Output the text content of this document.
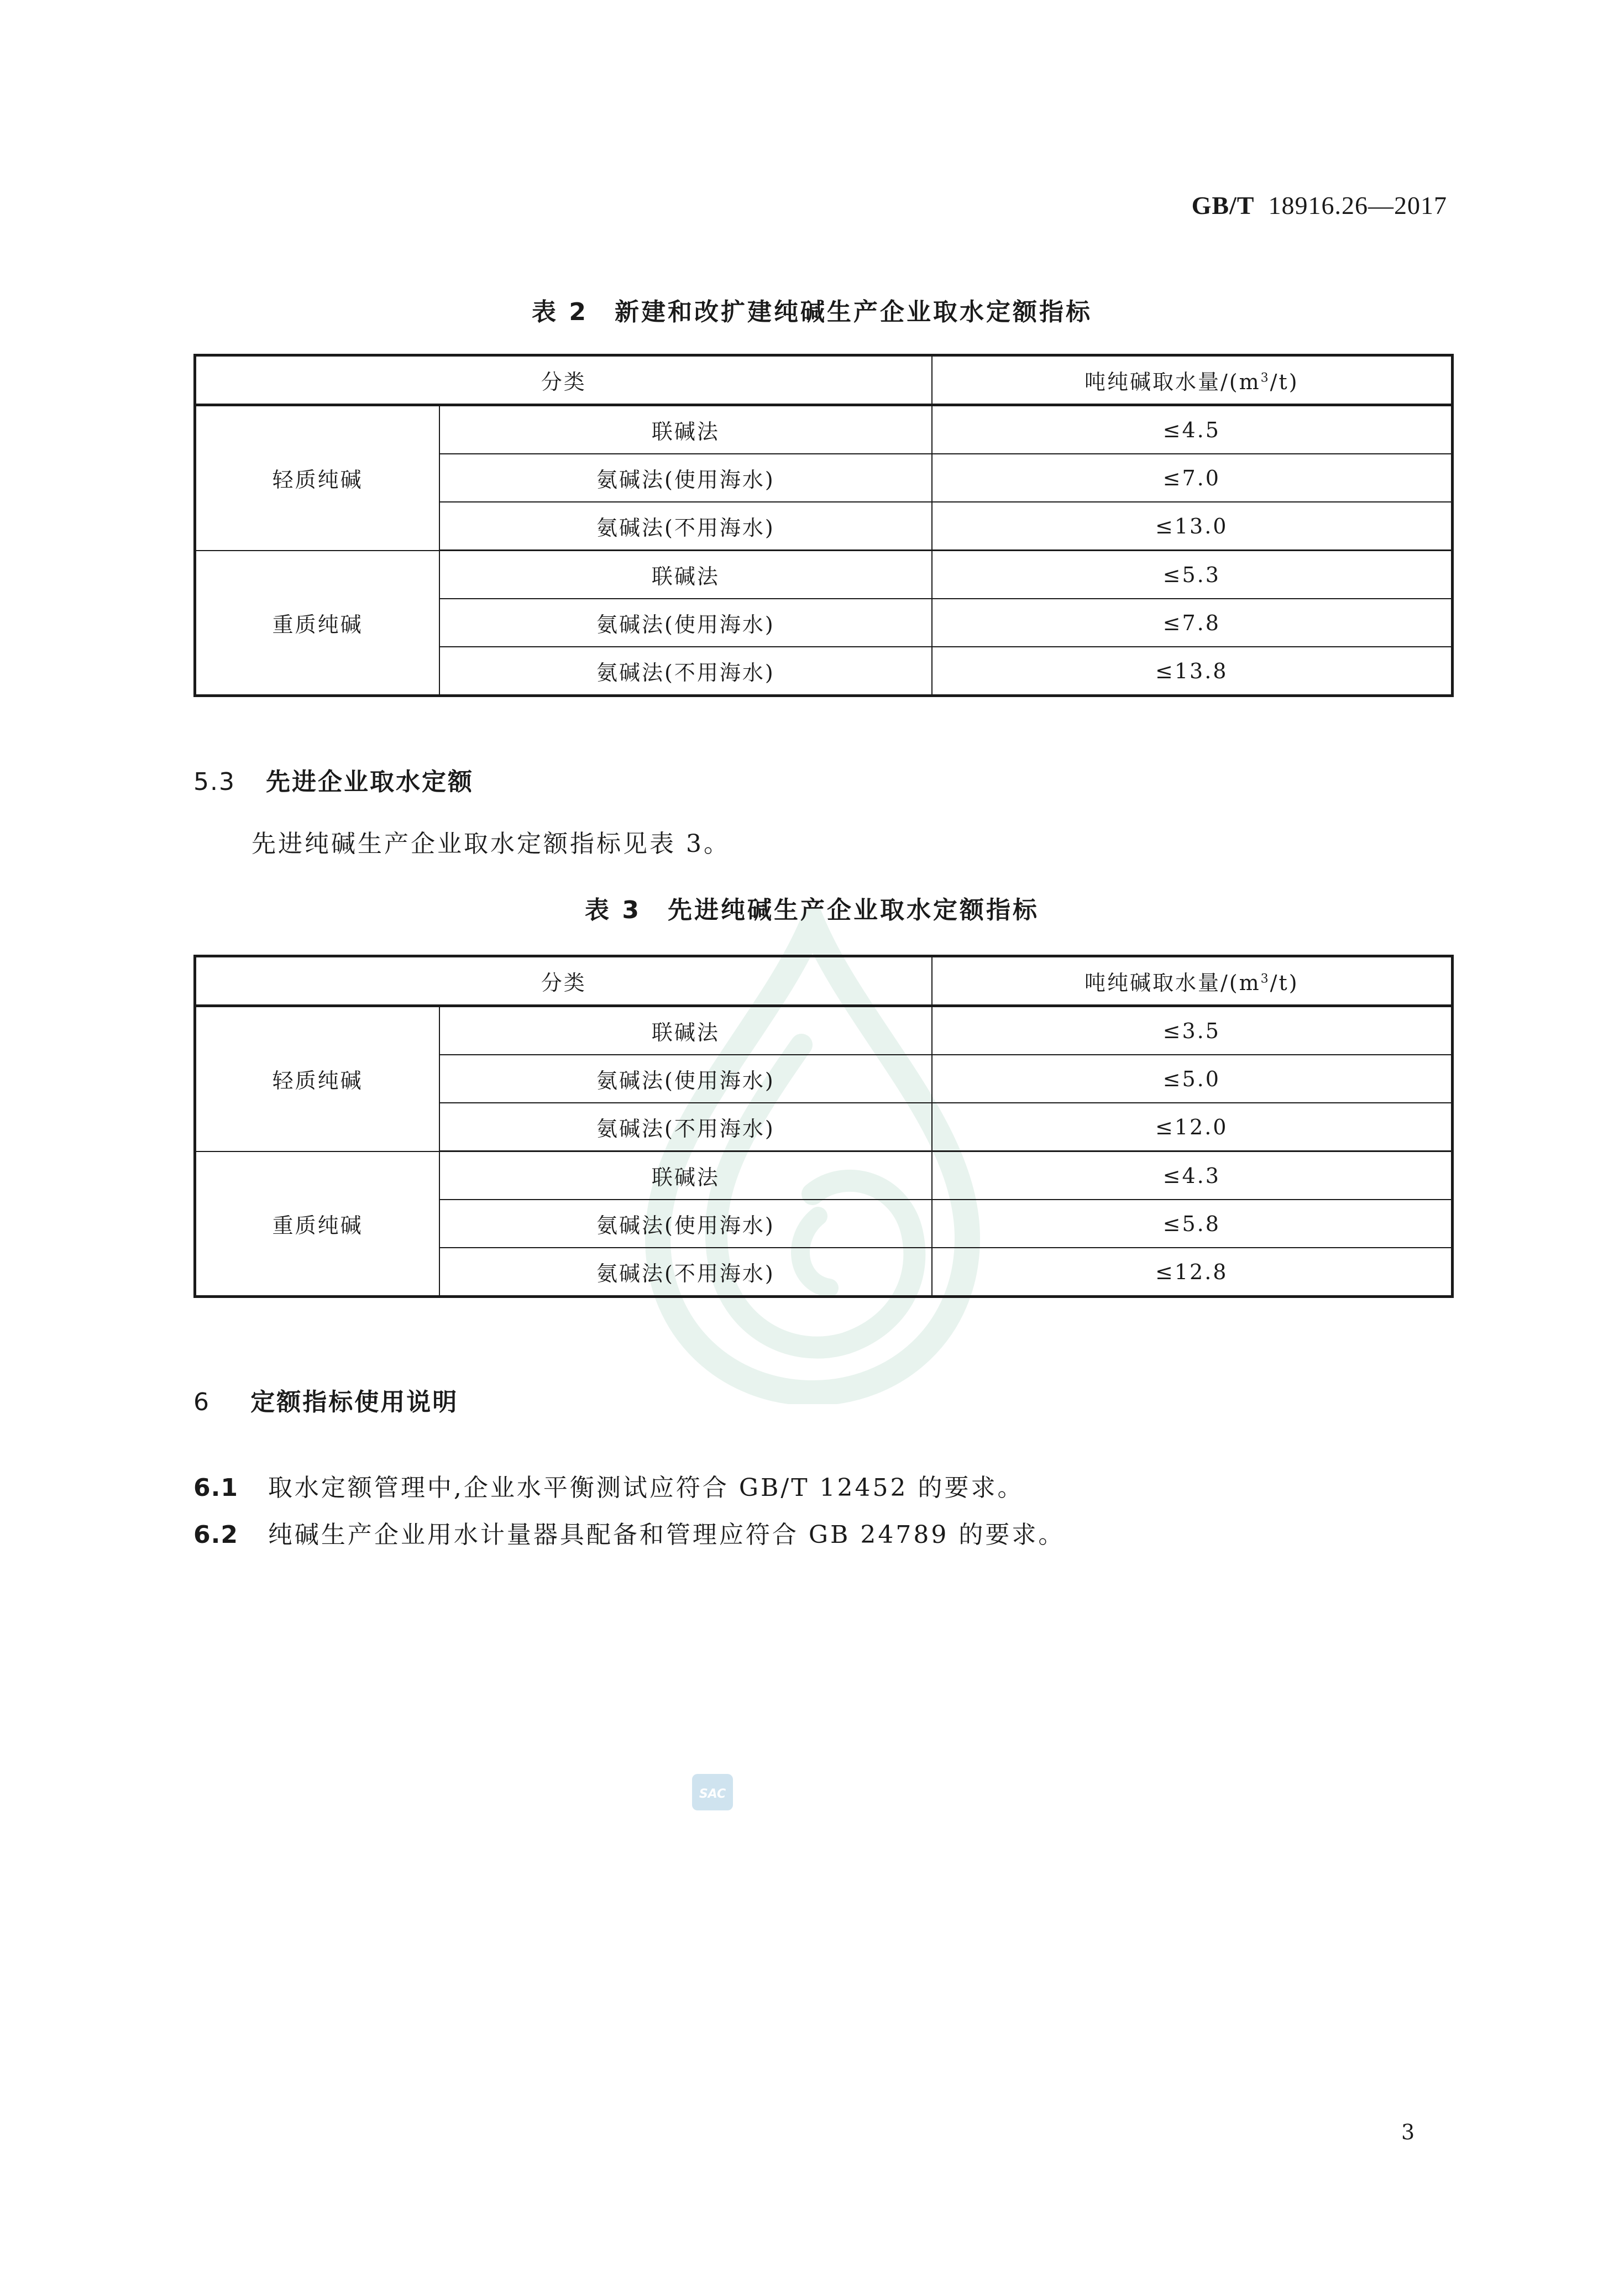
GB/T 18916.26—2017
表 2　新建和改扩建纯碱生产企业取水定额指标
分类		吨纯碱取水量$/(m^3/t)$
轻质纯碱	联碱法	≤4.5
	氨碱法(使用海水)	≤7.0
	氨碱法(不用海水)	≤13.0
重质纯碱	联碱法	≤5.3
	氨碱法(使用海水)	≤7.8
	氨碱法(不用海水)	≤13.8
5.3 先进企业取水定额
先进纯碱生产企业取水定额指标见表 3。
表 3　先进纯碱生产企业取水定额指标
分类		吨纯碱取水量$/(m^3/t)$
轻质纯碱	联碱法	≤3.5
	氨碱法(使用海水)	≤5.0
	氨碱法(不用海水)	≤12.0
重质纯碱	联碱法	≤4.3
	氨碱法(使用海水)	≤5.8
	氨碱法(不用海水)	≤12.8
6 定额指标使用说明
6.1 取水定额管理中,企业水平衡测试应符合 GB/T 12452 的要求。
6.2 纯碱生产企业用水计量器具配备和管理应符合 GB 24789 的要求。
SAC
3
